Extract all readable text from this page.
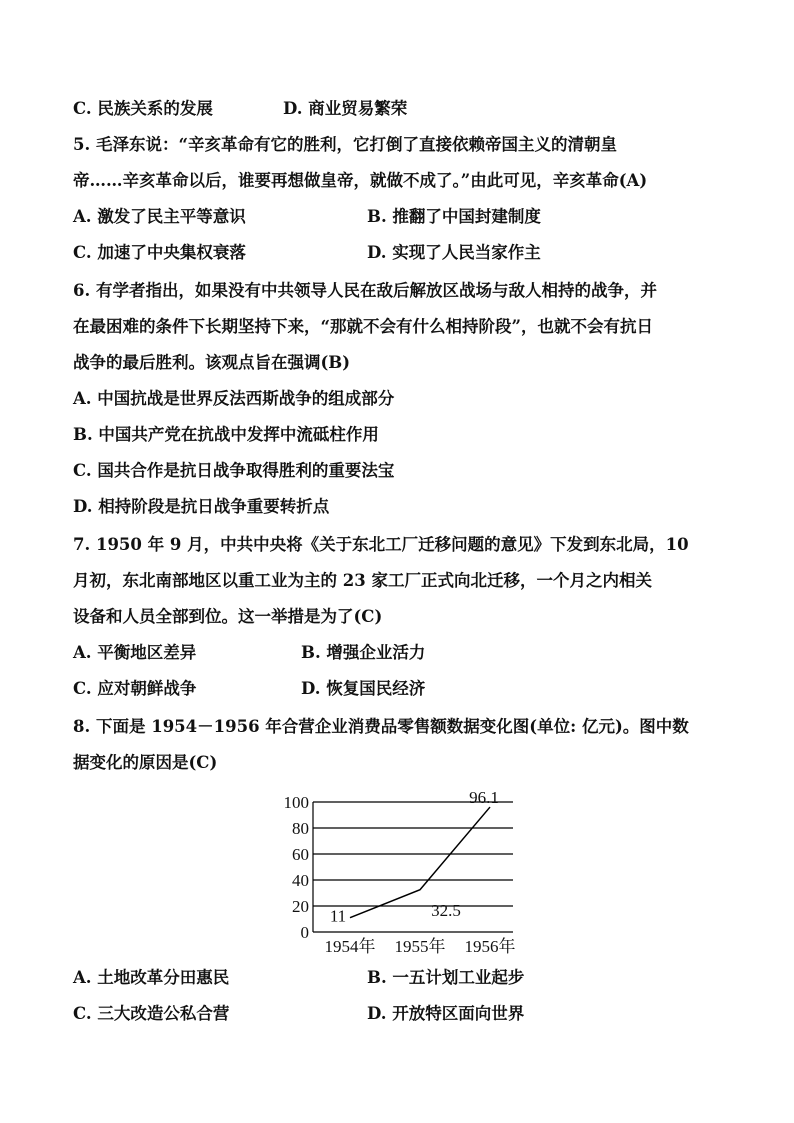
C. 民族关系的发展	D. 商业贸易繁荣
5. 毛泽东说：“辛亥革命有它的胜利，它打倒了直接依赖帝国主义的清朝皇
帝……辛亥革命以后，谁要再想做皇帝，就做不成了。”由此可见，辛亥革命(A)
A. 激发了民主平等意识	B. 推翻了中国封建制度
C. 加速了中央集权衰落	D. 实现了人民当家作主
6. 有学者指出，如果没有中共领导人民在敌后解放区战场与敌人相持的战争，并
在最困难的条件下长期坚持下来，“那就不会有什么相持阶段”，也就不会有抗日
战争的最后胜利。该观点旨在强调(B)
A. 中国抗战是世界反法西斯战争的组成部分
B. 中国共产党在抗战中发挥中流砥柱作用
C. 国共合作是抗日战争取得胜利的重要法宝
D. 相持阶段是抗日战争重要转折点
7. 1950 年 9 月，中共中央将《关于东北工厂迁移问题的意见》下发到东北局，10
月初，东北南部地区以重工业为主的 23 家工厂正式向北迁移，一个月之内相关
设备和人员全部到位。这一举措是为了(C)
A. 平衡地区差异	B. 增强企业活力
C. 应对朝鲜战争	D. 恢复国民经济
8. 下面是 1954－1956 年合营企业消费品零售额数据变化图(单位: 亿元)。图中数
据变化的原因是(C)
0
20
40
60
80
100
1954年 1955年 1956年
11	32.5
96.1
A. 土地改革分田惠民	B. 一五计划工业起步
C. 三大改造公私合营	D. 开放特区面向世界
